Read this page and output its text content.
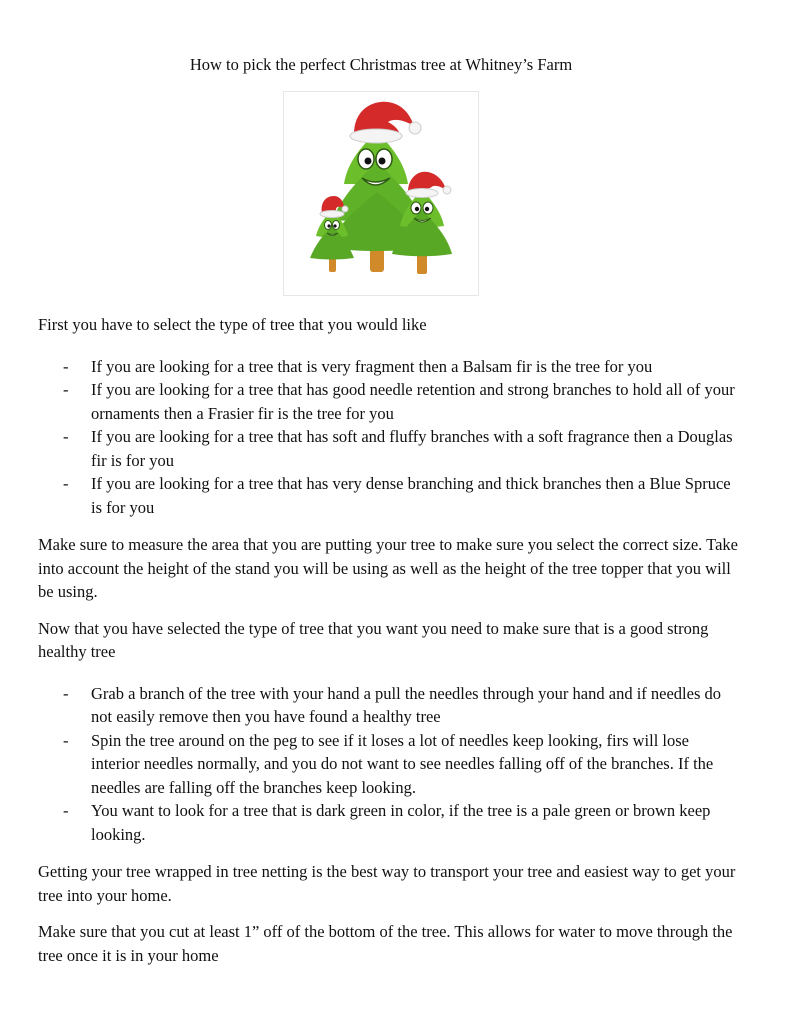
How to pick the perfect Christmas tree at Whitney’s Farm

First you have to select the type of tree that you would like

- If you are looking for a tree that is very fragment then a Balsam fir is the tree for you
- If you are looking for a tree that has good needle retention and strong branches to hold all of your ornaments then a Frasier fir is the tree for you
- If you are looking for a tree that has soft and fluffy branches with a soft fragrance then a Douglas fir is for you
- If you are looking for a tree that has very dense branching and thick branches then a Blue Spruce is for you

Make sure to measure the area that you are putting your tree to make sure you select the correct size. Take into account the height of the stand you will be using as well as the height of the tree topper that you will be using.

Now that you have selected the type of tree that you want you need to make sure that is a good strong healthy tree

- Grab a branch of the tree with your hand a pull the needles through your hand and if needles do not easily remove then you have found a healthy tree
- Spin the tree around on the peg to see if it loses a lot of needles keep looking, firs will lose interior needles normally, and you do not want to see needles falling off of the branches. If the needles are falling off the branches keep looking.
- You want to look for a tree that is dark green in color, if the tree is a pale green or brown keep looking.

Getting your tree wrapped in tree netting is the best way to transport your tree and easiest way to get your tree into your home.

Make sure that you cut at least 1” off of the bottom of the tree. This allows for water to move through the tree once it is in your home
